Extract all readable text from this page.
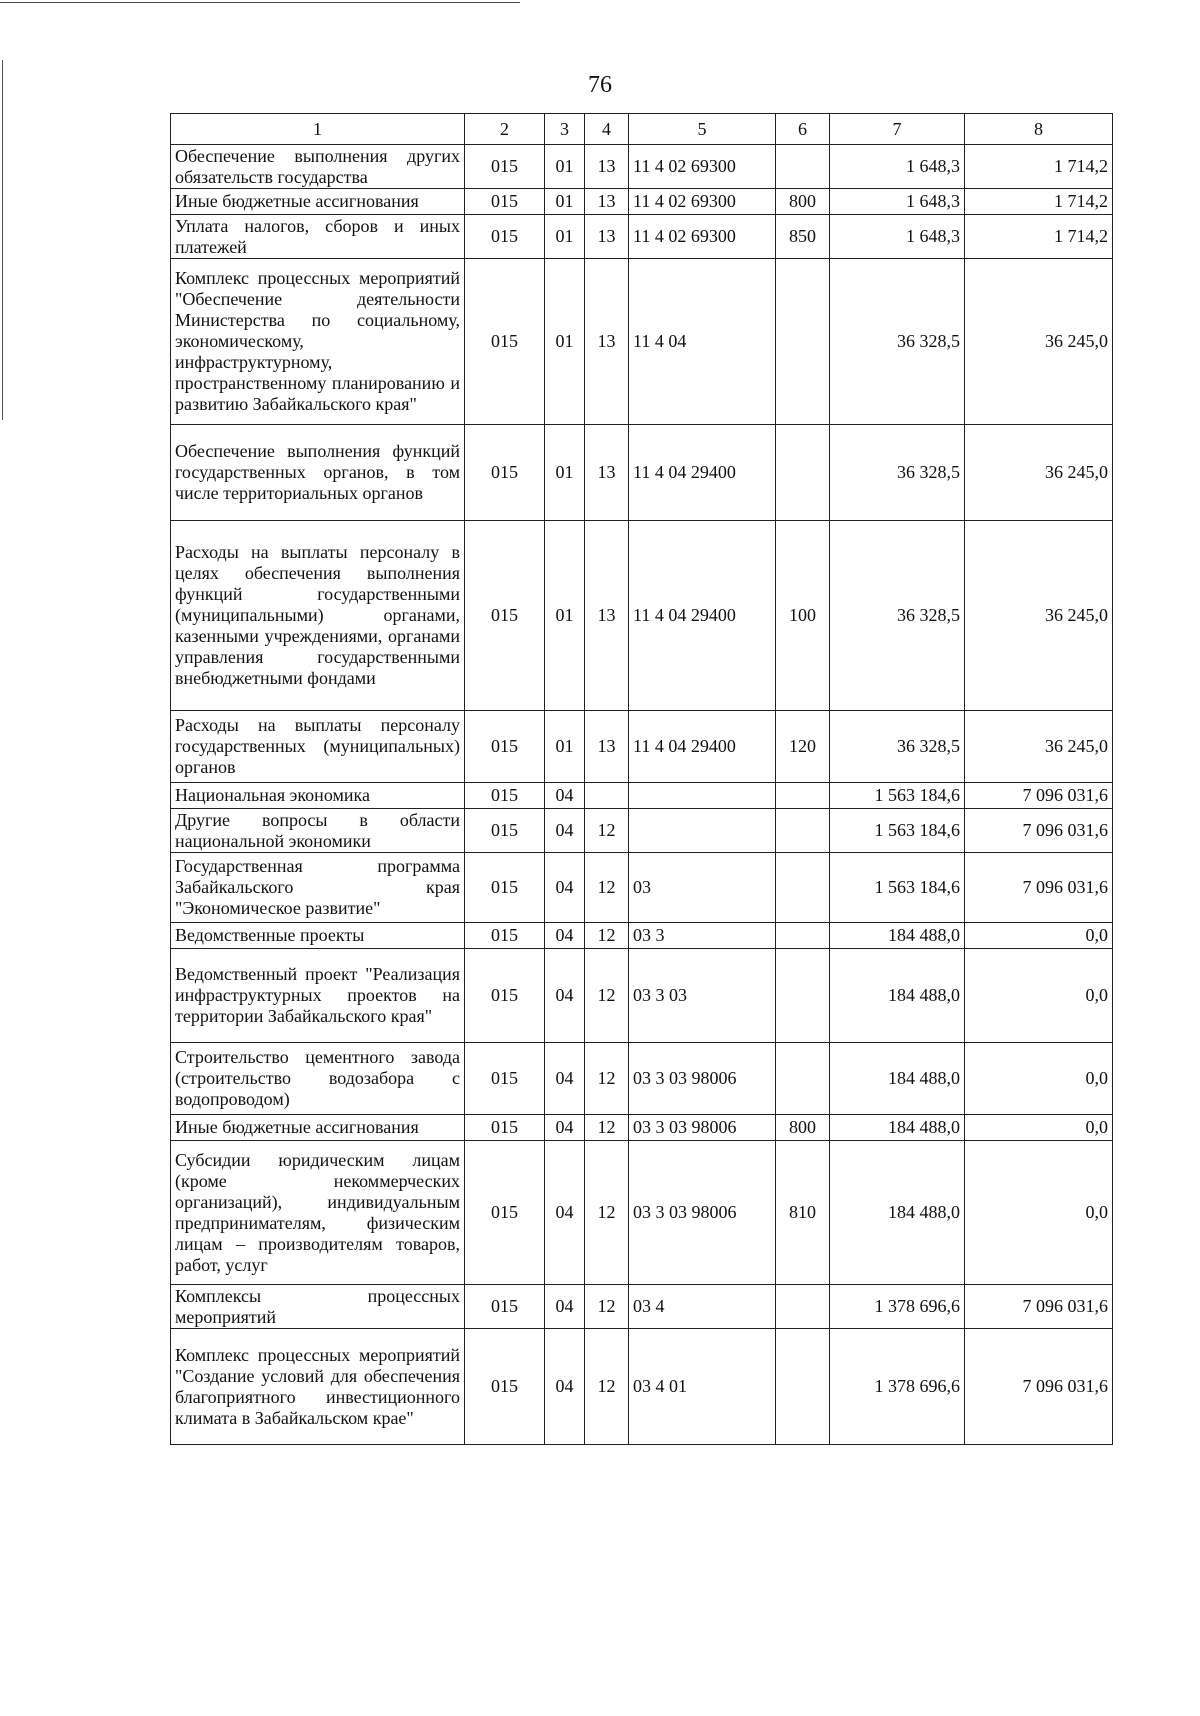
76
1	2	3	4	5	6	7	8
Обеспечение выполнения других обязательств государства	015	01	13	11 4 02 69300		1 648,3	1 714,2
Иные бюджетные ассигнования	015	01	13	11 4 02 69300	800	1 648,3	1 714,2
Уплата налогов, сборов и иных платежей	015	01	13	11 4 02 69300	850	1 648,3	1 714,2
Комплекс процессных мероприятий "Обеспечение деятельности Министерства по социальному, экономическому, инфраструктурному, пространственному планированию и развитию Забайкальского края"	015	01	13	11 4 04		36 328,5	36 245,0
Обеспечение выполнения функций государственных органов, в том числе территориальных органов	015	01	13	11 4 04 29400		36 328,5	36 245,0
Расходы на выплаты персоналу в целях обеспечения выполнения функций государственными (муниципальными) органами, казенными учреждениями, органами управления государственными внебюджетными фондами	015	01	13	11 4 04 29400	100	36 328,5	36 245,0
Расходы на выплаты персоналу государственных (муниципальных) органов	015	01	13	11 4 04 29400	120	36 328,5	36 245,0
Национальная экономика	015	04				1 563 184,6	7 096 031,6
Другие вопросы в области национальной экономики	015	04	12			1 563 184,6	7 096 031,6
Государственная программа Забайкальского края "Экономическое развитие"	015	04	12	03		1 563 184,6	7 096 031,6
Ведомственные проекты	015	04	12	03 3		184 488,0	0,0
Ведомственный проект "Реализация инфраструктурных проектов на территории Забайкальского края"	015	04	12	03 3 03		184 488,0	0,0
Строительство цементного завода (строительство водозабора с водопроводом)	015	04	12	03 3 03 98006		184 488,0	0,0
Иные бюджетные ассигнования	015	04	12	03 3 03 98006	800	184 488,0	0,0
Субсидии юридическим лицам (кроме некоммерческих организаций), индивидуальным предпринимателям, физическим лицам – производителям товаров, работ, услуг	015	04	12	03 3 03 98006	810	184 488,0	0,0
Комплексы процессных мероприятий	015	04	12	03 4		1 378 696,6	7 096 031,6
Комплекс процессных мероприятий "Создание условий для обеспечения благоприятного инвестиционного климата в Забайкальском крае"	015	04	12	03 4 01		1 378 696,6	7 096 031,6
